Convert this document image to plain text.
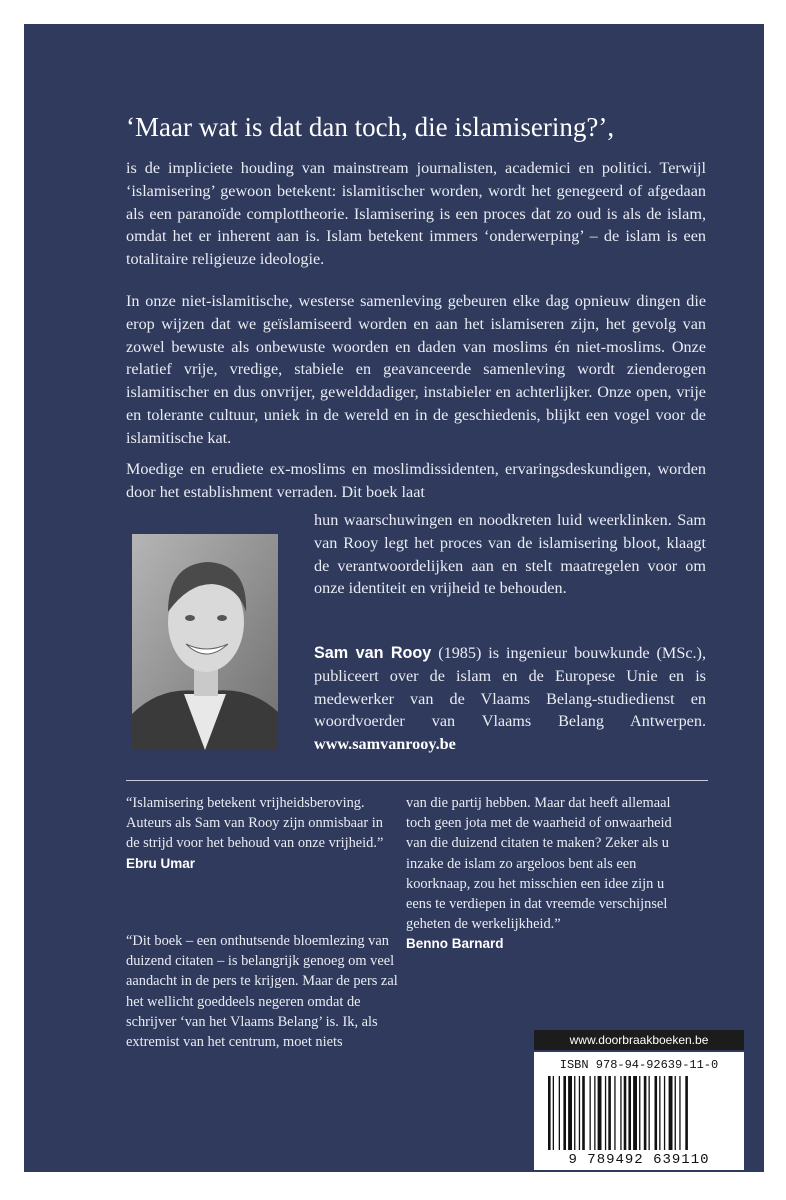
‘Maar wat is dat dan toch, die islamisering?’,
is de impliciete houding van mainstream journalisten, academici en politici. Terwijl ‘islamisering’ gewoon betekent: islamitischer worden, wordt het genegeerd of afgedaan als een paranoïde complottheorie. Islamisering is een proces dat zo oud is als de islam, omdat het er inherent aan is. Islam betekent immers ‘onderwerping’ – de islam is een totalitaire religieuze ideologie.
In onze niet-islamitische, westerse samenleving gebeuren elke dag opnieuw dingen die erop wijzen dat we geïslamiseerd worden en aan het islamiseren zijn, het gevolg van zowel bewuste als onbewuste woorden en daden van moslims én niet-moslims. Onze relatief vrije, vredige, stabiele en geavanceerde samenleving wordt zienderogen islamitischer en dus onvrijer, gewelddadiger, instabieler en achterlijker. Onze open, vrije en tolerante cultuur, uniek in de wereld en in de geschiedenis, blijkt een vogel voor de islamitische kat.
Moedige en erudiete ex-moslims en moslimdissidenten, ervaringsdeskundigen, worden door het establishment verraden. Dit boek laat
hun waarschuwingen en noodkreten luid weerklinken. Sam van Rooy legt het proces van de islamisering bloot, klaagt de verantwoordelijken aan en stelt maatregelen voor om onze identiteit en vrijheid te behouden.
Sam van Rooy (1985) is ingenieur bouwkunde (MSc.), publiceert over de islam en de Europese Unie en is medewerker van de Vlaams Belang-studiedienst en woordvoerder van Vlaams Belang Antwerpen. www.samvanrooy.be
“Islamisering betekent vrijheidsberoving. Auteurs als Sam van Rooy zijn onmisbaar in de strijd voor het behoud van onze vrijheid.”
Ebru Umar
“Dit boek – een onthutsende bloemlezing van duizend citaten – is belangrijk genoeg om veel aandacht in de pers te krijgen. Maar de pers zal het wellicht goeddeels negeren omdat de schrijver ‘van het Vlaams Belang’ is. Ik, als extremist van het centrum, moet niets
van die partij hebben. Maar dat heeft allemaal toch geen jota met de waarheid of onwaarheid van die duizend citaten te maken? Zeker als u inzake de islam zo argeloos bent als een koorknaap, zou het misschien een idee zijn u eens te verdiepen in dat vreemde verschijnsel geheten de werkelijkheid.”
Benno Barnard
www.doorbraakboeken.be
ISBN 978-94-92639-11-0
9 789492 639110
